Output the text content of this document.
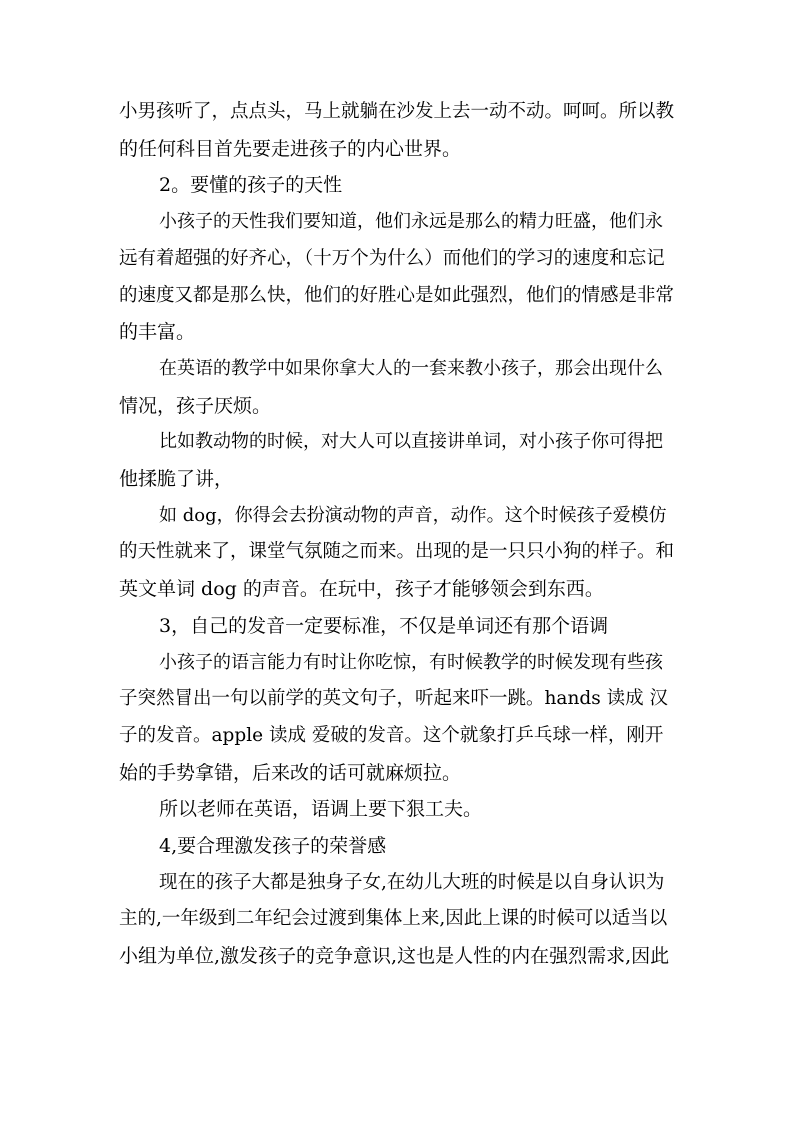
小男孩听了，点点头，马上就躺在沙发上去一动不动。呵呵。所以教

的任何科目首先要走进孩子的内心世界。

2。要懂的孩子的天性

小孩子的天性我们要知道，他们永远是那么的精力旺盛，他们永

远有着超强的好齐心，（十万个为什么）而他们的学习的速度和忘记

的速度又都是那么快，他们的好胜心是如此强烈，他们的情感是非常

的丰富。

在英语的教学中如果你拿大人的一套来教小孩子，那会出现什么

情况，孩子厌烦。

比如教动物的时候，对大人可以直接讲单词，对小孩子你可得把

他揉脆了讲，

如 dog，你得会去扮演动物的声音，动作。这个时候孩子爱模仿

的天性就来了，课堂气氛随之而来。出现的是一只只小狗的样子。和

英文单词 dog 的声音。在玩中，孩子才能够领会到东西。

3，自己的发音一定要标准，不仅是单词还有那个语调

小孩子的语言能力有时让你吃惊，有时候教学的时候发现有些孩

子突然冒出一句以前学的英文句子，听起来吓一跳。hands 读成 汉

子的发音。apple 读成 爱破的发音。这个就象打乒乓球一样，刚开

始的手势拿错，后来改的话可就麻烦拉。

所以老师在英语，语调上要下狠工夫。

4,要合理激发孩子的荣誉感

现在的孩子大都是独身子女,在幼儿大班的时候是以自身认识为

主的,一年级到二年纪会过渡到集体上来,因此上课的时候可以适当以

小组为单位,激发孩子的竞争意识,这也是人性的内在强烈需求,因此
